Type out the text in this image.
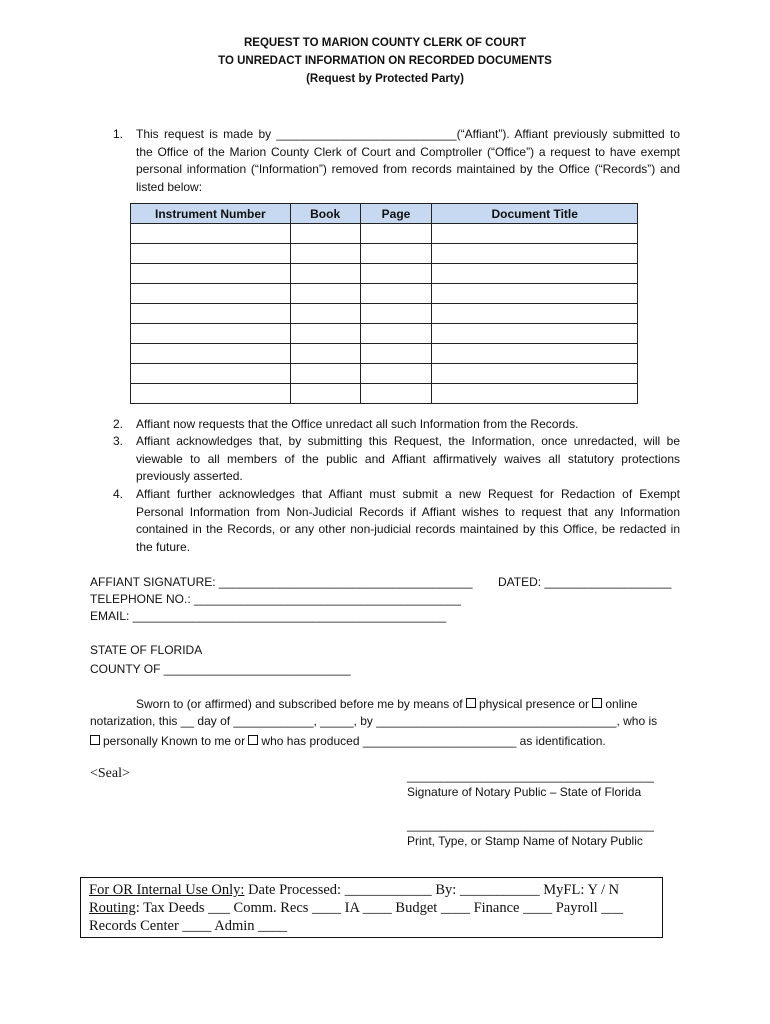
REQUEST TO MARION COUNTY CLERK OF COURT
TO UNREDACT INFORMATION ON RECORDED DOCUMENTS
(Request by Protected Party)
1. This request is made by ___________________________(“Affiant”). Affiant previously submitted to the Office of the Marion County Clerk of Court and Comptroller (“Office”) a request to have exempt personal information (“Information”) removed from records maintained by the Office (“Records”) and listed below:
Instrument Number	Book	Page	Document Title

2. Affiant now requests that the Office unredact all such Information from the Records.
3. Affiant acknowledges that, by submitting this Request, the Information, once unredacted, will be viewable to all members of the public and Affiant affirmatively waives all statutory protections previously asserted.
4. Affiant further acknowledges that Affiant must submit a new Request for Redaction of Exempt Personal Information from Non-Judicial Records if Affiant wishes to request that any Information contained in the Records, or any other non-judicial records maintained by this Office, be redacted in the future.
AFFIANT SIGNATURE: ______________________________________ DATED: ___________________
TELEPHONE NO.: ________________________________________
EMAIL: _______________________________________________
STATE OF FLORIDA
COUNTY OF ____________________________
Sworn to (or affirmed) and subscribed before me by means of physical presence or online
notarization, this __ day of ____________, _____, by ____________________________________, who is
personally Known to me or who has produced _______________________ as identification.
<Seal>	_____________________________________
Signature of Notary Public – State of Florida
_____________________________________
Print, Type, or Stamp Name of Notary Public
For OR Internal Use Only: Date Processed: ____________ By: ___________ MyFL: Y / N
Routing: Tax Deeds ___ Comm. Recs ____ IA ____ Budget ____ Finance ____ Payroll ___
Records Center ____ Admin ____
